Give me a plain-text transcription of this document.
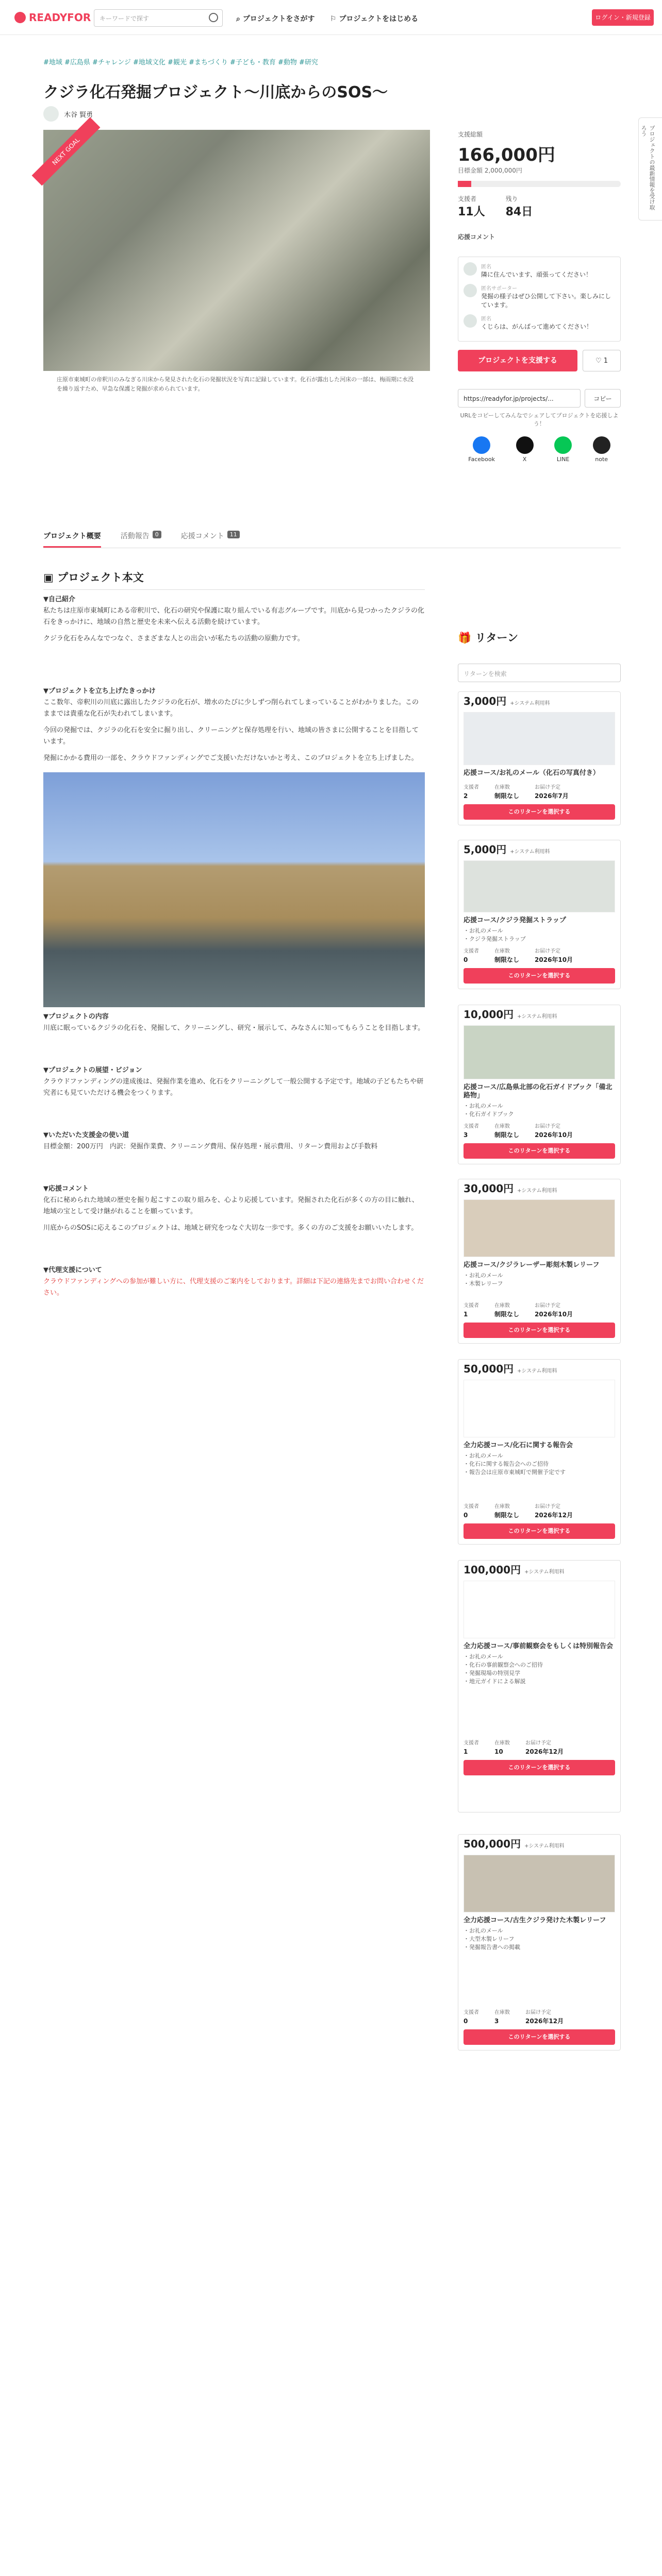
READYFOR	キーワードで探す	⌕ プロジェクトをさがす ⚐ プロジェクトをはじめる	ログイン・新規登録
#地域 #広島県 #チャレンジ #地域文化 #観光 #まちづくり #子ども・教育 #動物 #研究
クジラ化石発掘プロジェクト〜川底からのSOS〜
木谷 賢勇
NEXT GOAL
庄原市東城町の帝釈川のみなぎる川床から発見された化石の発掘状況を写真に記録しています。化石が露出した河床の一部は、梅雨期に水没を繰り返すため、早急な保護と発掘が求められています。
支援総額
166,000円
目標金額 2,000,000円
支援者
11人
残り
84日
応援コメント
匿名
隣に住んでいます、頑張ってください！
匿名サポーター
発掘の様子はぜひ公開して下さい。楽しみにしています。
匿名
くじらは、がんばって進めてください！
プロジェクトを支援する	♡ 1
https://readyfor.jp/projects/...	コピー
URLをコピーしてみんなでシェアしてプロジェクトを応援しよう！
Facebook	X	LINE	note
プロジェクトの最新情報を受け取ろう
プロジェクト概要	活動報告	0	応援コメント	11
▣ プロジェクト本文
▼自己紹介
私たちは庄原市東城町にある帝釈川で、化石の研究や保護に取り組んでいる有志グループです。川底から見つかったクジラの化石をきっかけに、地域の自然と歴史を未来へ伝える活動を続けています。
クジラ化石をみんなでつなぐ、さまざまな人との出会いが私たちの活動の原動力です。
▼プロジェクトを立ち上げたきっかけ
ここ数年、帝釈川の川底に露出したクジラの化石が、増水のたびに少しずつ削られてしまっていることがわかりました。このままでは貴重な化石が失われてしまいます。
今回の発掘では、クジラの化石を安全に掘り出し、クリーニングと保存処理を行い、地域の皆さまに公開することを目指しています。
発掘にかかる費用の一部を、クラウドファンディングでご支援いただけないかと考え、このプロジェクトを立ち上げました。
▼プロジェクトの内容
川底に眠っているクジラの化石を、発掘して、クリーニングし、研究・展示して、みなさんに知ってもらうことを目指します。
▼プロジェクトの展望・ビジョン
クラウドファンディングの達成後は、発掘作業を進め、化石をクリーニングして一般公開する予定です。地域の子どもたちや研究者にも見ていただける機会をつくります。
▼いただいた支援金の使い道
目標金額：200万円　内訳：発掘作業費、クリーニング費用、保存処理・展示費用、リターン費用および手数料
▼応援コメント
化石に秘められた地域の歴史を掘り起こすこの取り組みを、心より応援しています。発掘された化石が多くの方の目に触れ、地域の宝として受け継がれることを願っています。
川底からのSOSに応えるこのプロジェクトは、地域と研究をつなぐ大切な一歩です。多くの方のご支援をお願いいたします。
▼代理支援について
クラウドファンディングへの参加が難しい方に、代理支援のご案内をしております。詳細は下記の連絡先までお問い合わせください。
🎁 リターン
リターンを検索
3,000円 +システム利用料
応援コース/お礼のメール（化石の写真付き）
支援者
2
在庫数
制限なし
お届け予定
2026年7月
このリターンを選択する
5,000円 +システム利用料
応援コース/クジラ発掘ストラップ
・お礼のメール
・クジラ発掘ストラップ
支援者
0
在庫数
制限なし
お届け予定
2026年10月
このリターンを選択する
10,000円 +システム利用料
応援コース/広島県北部の化石ガイドブック「備北路物」
・お礼のメール
・化石ガイドブック
支援者
3
在庫数
制限なし
お届け予定
2026年10月
このリターンを選択する
30,000円 +システム利用料
応援コース/クジラレーザー彫刻木製レリーフ
・お礼のメール
・木製レリーフ
支援者
1
在庫数
制限なし
お届け予定
2026年10月
このリターンを選択する
50,000円 +システム利用料
全力応援コース/化石に関する報告会
・お礼のメール
・化石に関する報告会へのご招待
・報告会は庄原市東城町で開催予定です
支援者
0
在庫数
制限なし
お届け予定
2026年12月
このリターンを選択する
100,000円 +システム利用料
全力応援コース/事前観察会をもしくは特別報告会
・お礼のメール
・化石の事前観察会へのご招待
・発掘現場の特別見学
・地元ガイドによる解説
支援者
1
在庫数
10
お届け予定
2026年12月
このリターンを選択する
500,000円 +システム利用料
全力応援コース/古生クジラ発けた木製レリーフ
・お礼のメール
・大型木製レリーフ
・発掘報告書への掲載
支援者
0
在庫数
3
お届け予定
2026年12月
このリターンを選択する
